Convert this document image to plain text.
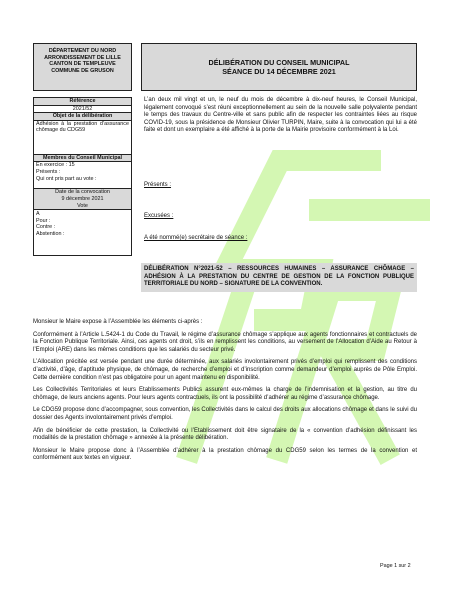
DÉPARTEMENT DU NORD
ARRONDISSEMENT DE LILLE
CANTON DE TEMPLEUVE
COMMUNE DE GRUSON
DÉLIBÉRATION DU CONSEIL MUNICIPAL
SÉANCE DU 14 DÉCEMBRE 2021
Référence
2021/52
Objet de la délibération
Adhésion à la prestation d’assurance chômage du CDG59
Membres du Conseil Municipal
En exercice : 15
Présents :
Qui ont pris part au vote :
Date de la convocation
9 décembre 2021
Vote
A
Pour :
Contre :
Abstention :
L’an deux mil vingt et un, le neuf du mois de décembre à dix-neuf heures, le Conseil Municipal, légalement convoqué s’est réuni exceptionnellement au sein de la nouvelle salle polyvalente pendant le temps des travaux du Centre-ville et sans public afin de respecter les contraintes liées au risque COVID-19, sous la présidence de Monsieur Olivier TURPIN, Maire, suite à la convocation qui lui a été faite et dont un exemplaire a été affiché à la porte de la Mairie provisoire conformément à la Loi.
Présents :
Excusées :
A été nommé(e) secrétaire de séance :
DÉLIBÉRATION N°2021-52 – RESSOURCES HUMAINES – ASSURANCE CHÔMAGE – ADHÉSION À LA PRESTATION DU CENTRE DE GESTION DE LA FONCTION PUBLIQUE TERRITORIALE DU NORD – SIGNATURE DE LA CONVENTION.
Monsieur le Maire expose à l’Assemblée les éléments ci-après :
Conformément à l’Article L.5424-1 du Code du Travail, le régime d’assurance chômage s’applique aux agents fonctionnaires et contractuels de la Fonction Publique Territoriale. Ainsi, ces agents ont droit, s’ils en remplissent les conditions, au versement de l’Allocation d’Aide au Retour à l’Emploi (ARE) dans les mêmes conditions que les salariés du secteur privé.
L’Allocation précitée est versée pendant une durée déterminée, aux salariés involontairement privés d’emploi qui remplissent des conditions d’activité, d’âge, d’aptitude physique, de chômage, de recherche d’emploi et d’inscription comme demandeur d’emploi auprès de Pôle Emploi. Cette dernière condition n’est pas obligatoire pour un agent maintenu en disponibilité.
Les Collectivités Territoriales et leurs Etablissements Publics assurent eux-mêmes la charge de l’indemnisation et la gestion, au titre du chômage, de leurs anciens agents. Pour leurs agents contractuels, ils ont la possibilité d’adhérer au régime d’assurance chômage.
Le CDG59 propose donc d’accompagner, sous convention, les Collectivités dans le calcul des droits aux allocations chômage et dans le suivi du dossier des Agents involontairement privés d’emploi.
Afin de bénéficier de cette prestation, la Collectivité ou l’Etablissement doit être signataire de la « convention d’adhésion définissant les modalités de la prestation chômage » annexée à la présente délibération.
Monsieur le Maire propose donc à l’Assemblée d’adhérer à la prestation chômage du CDG59 selon les termes de la convention et conformément aux textes en vigueur.
Page 1 sur 2
